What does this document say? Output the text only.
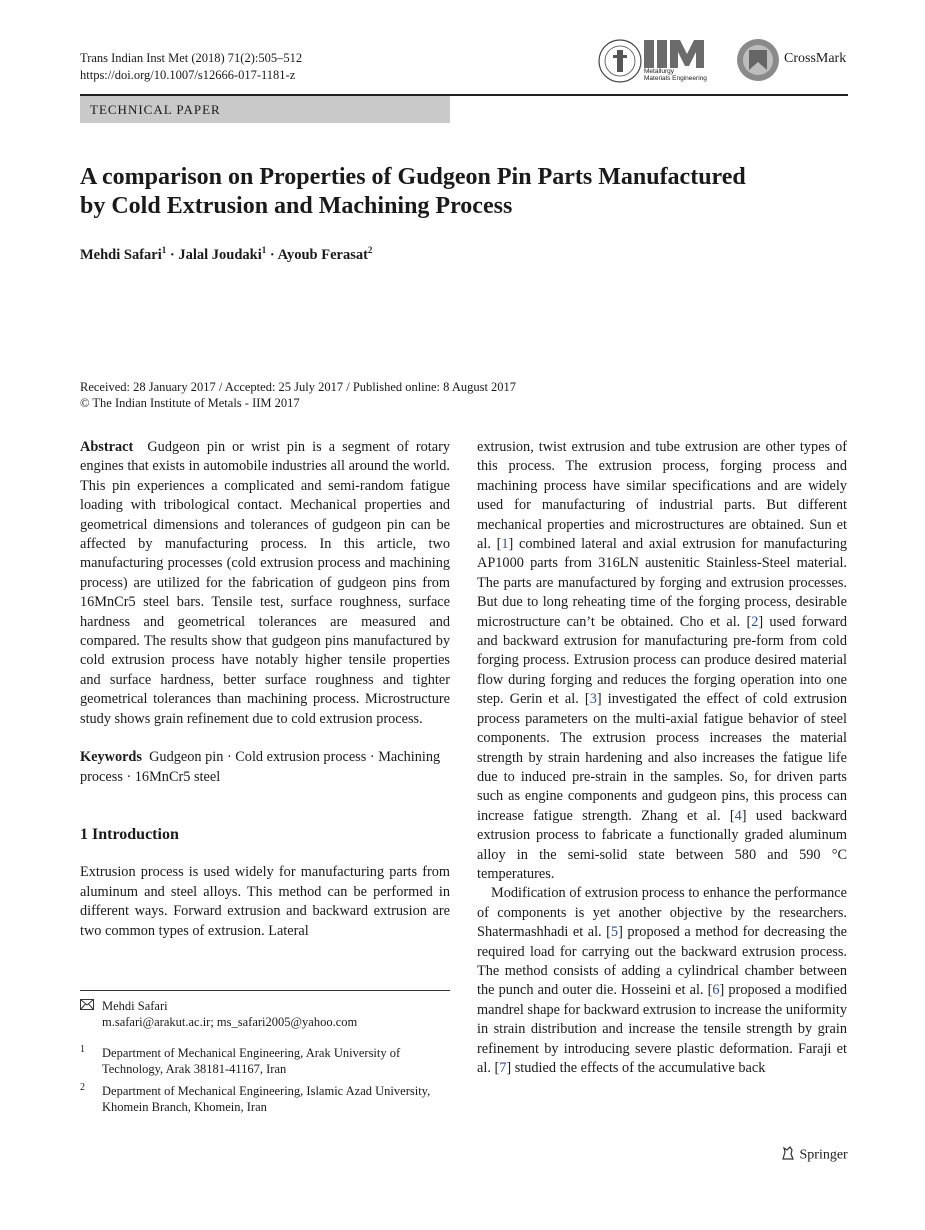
Trans Indian Inst Met (2018) 71(2):505–512
https://doi.org/10.1007/s12666-017-1181-z	Metallurgy
Materials Engineering
CrossMark
TECHNICAL PAPER
A comparison on Properties of Gudgeon Pin Parts Manufactured
by Cold Extrusion and Machining Process
Mehdi Safari$^1$ · Jalal Joudaki$^1$ · Ayoub Ferasat$^2$
Received: 28 January 2017 / Accepted: 25 July 2017 / Published online: 8 August 2017
© The Indian Institute of Metals - IIM 2017

Abstract Gudgeon pin or wrist pin is a segment of rotary engines that exists in automobile industries all around the world. This pin experiences a complicated and semi-random fatigue loading with tribological contact. Mechanical properties and geometrical dimensions and tolerances of gudgeon pin can be affected by manufacturing process. In this article, two manufacturing processes (cold extrusion process and machining process) are utilized for the fabrication of gudgeon pins from 16MnCr5 steel bars. Tensile test, surface roughness, surface hardness and geometrical tolerances are measured and compared. The results show that gudgeon pins manufactured by cold extrusion process have notably higher tensile properties and surface hardness, better surface roughness and tighter geometrical tolerances than machining process. Microstructure study shows grain refinement due to cold extrusion process.

Keywords Gudgeon pin · Cold extrusion process · Machining process · 16MnCr5 steel

1 Introduction

Extrusion process is used widely for manufacturing parts from aluminum and steel alloys. This method can be performed in different ways. Forward extrusion and backward extrusion are two common types of extrusion. Lateral

Mehdi Safari
m.safari@arakut.ac.ir; ms_safari2005@yahoo.com
1 Department of Mechanical Engineering, Arak University of Technology, Arak 38181-41167, Iran
2 Department of Mechanical Engineering, Islamic Azad University, Khomein Branch, Khomein, Iran

extrusion, twist extrusion and tube extrusion are other types of this process. The extrusion process, forging process and machining process have similar specifications and are widely used for manufacturing of industrial parts. But different mechanical properties and microstructures are obtained. Sun et al. [1] combined lateral and axial extrusion for manufacturing AP1000 parts from 316LN austenitic Stainless-Steel material. The parts are manufactured by forging and extrusion processes. But due to long reheating time of the forging process, desirable microstructure can’t be obtained. Cho et al. [2] used forward and backward extrusion for manufacturing pre-form from cold forging process. Extrusion process can produce desired material flow during forging and reduces the forging operation into one step. Gerin et al. [3] investigated the effect of cold extrusion process parameters on the multi-axial fatigue behavior of steel components. The extrusion process increases the material strength by strain hardening and also increases the fatigue life due to induced pre-strain in the samples. So, for driven parts such as engine components and gudgeon pins, this process can increase fatigue strength. Zhang et al. [4] used backward extrusion process to fabricate a functionally graded aluminum alloy in the semi-solid state between 580 and 590 °C temperatures.

Modification of extrusion process to enhance the performance of components is yet another objective by the researchers. Shatermashhadi et al. [5] proposed a method for decreasing the required load for carrying out the backward extrusion process. The method consists of adding a cylindrical chamber between the punch and outer die. Hosseini et al. [6] proposed a modified mandrel shape for backward extrusion to increase the uniformity in strain distribution and increase the tensile strength by grain refinement by introducing severe plastic deformation. Faraji et al. [7] studied the effects of the accumulative back

Springer
